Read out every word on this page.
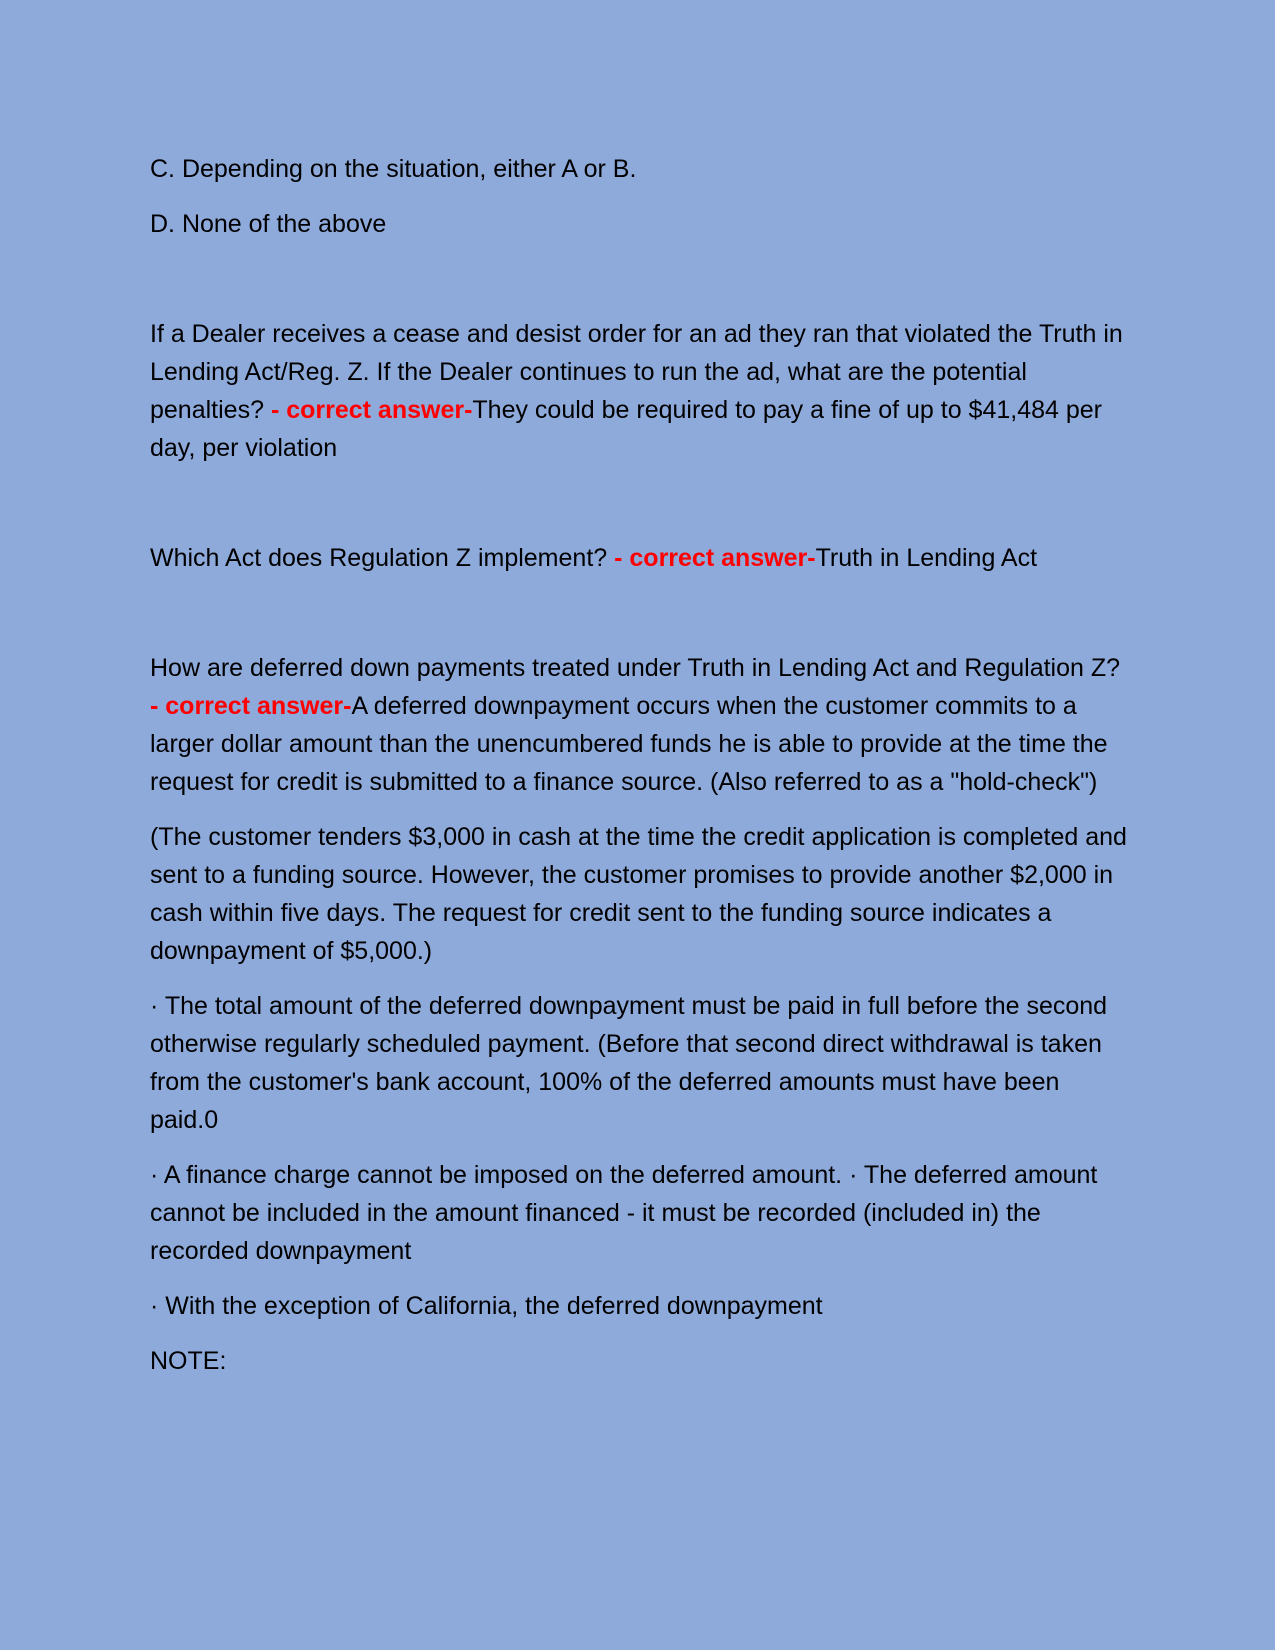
C. Depending on the situation, either A or B.

D. None of the above

If a Dealer receives a cease and desist order for an ad they ran that violated the Truth in Lending Act/Reg. Z. If the Dealer continues to run the ad, what are the potential penalties? - correct answer-They could be required to pay a fine of up to $41,484 per day, per violation

Which Act does Regulation Z implement? - correct answer-Truth in Lending Act

How are deferred down payments treated under Truth in Lending Act and Regulation Z? - correct answer-A deferred downpayment occurs when the customer commits to a larger dollar amount than the unencumbered funds he is able to provide at the time the request for credit is submitted to a finance source. (Also referred to as a "hold-check")

(The customer tenders $3,000 in cash at the time the credit application is completed and sent to a funding source. However, the customer promises to provide another $2,000 in cash within five days. The request for credit sent to the funding source indicates a downpayment of $5,000.)

· The total amount of the deferred downpayment must be paid in full before the second otherwise regularly scheduled payment. (Before that second direct withdrawal is taken from the customer's bank account, 100% of the deferred amounts must have been paid.0

· A finance charge cannot be imposed on the deferred amount. · The deferred amount cannot be included in the amount financed - it must be recorded (included in) the recorded downpayment

· With the exception of California, the deferred downpayment

NOTE:
